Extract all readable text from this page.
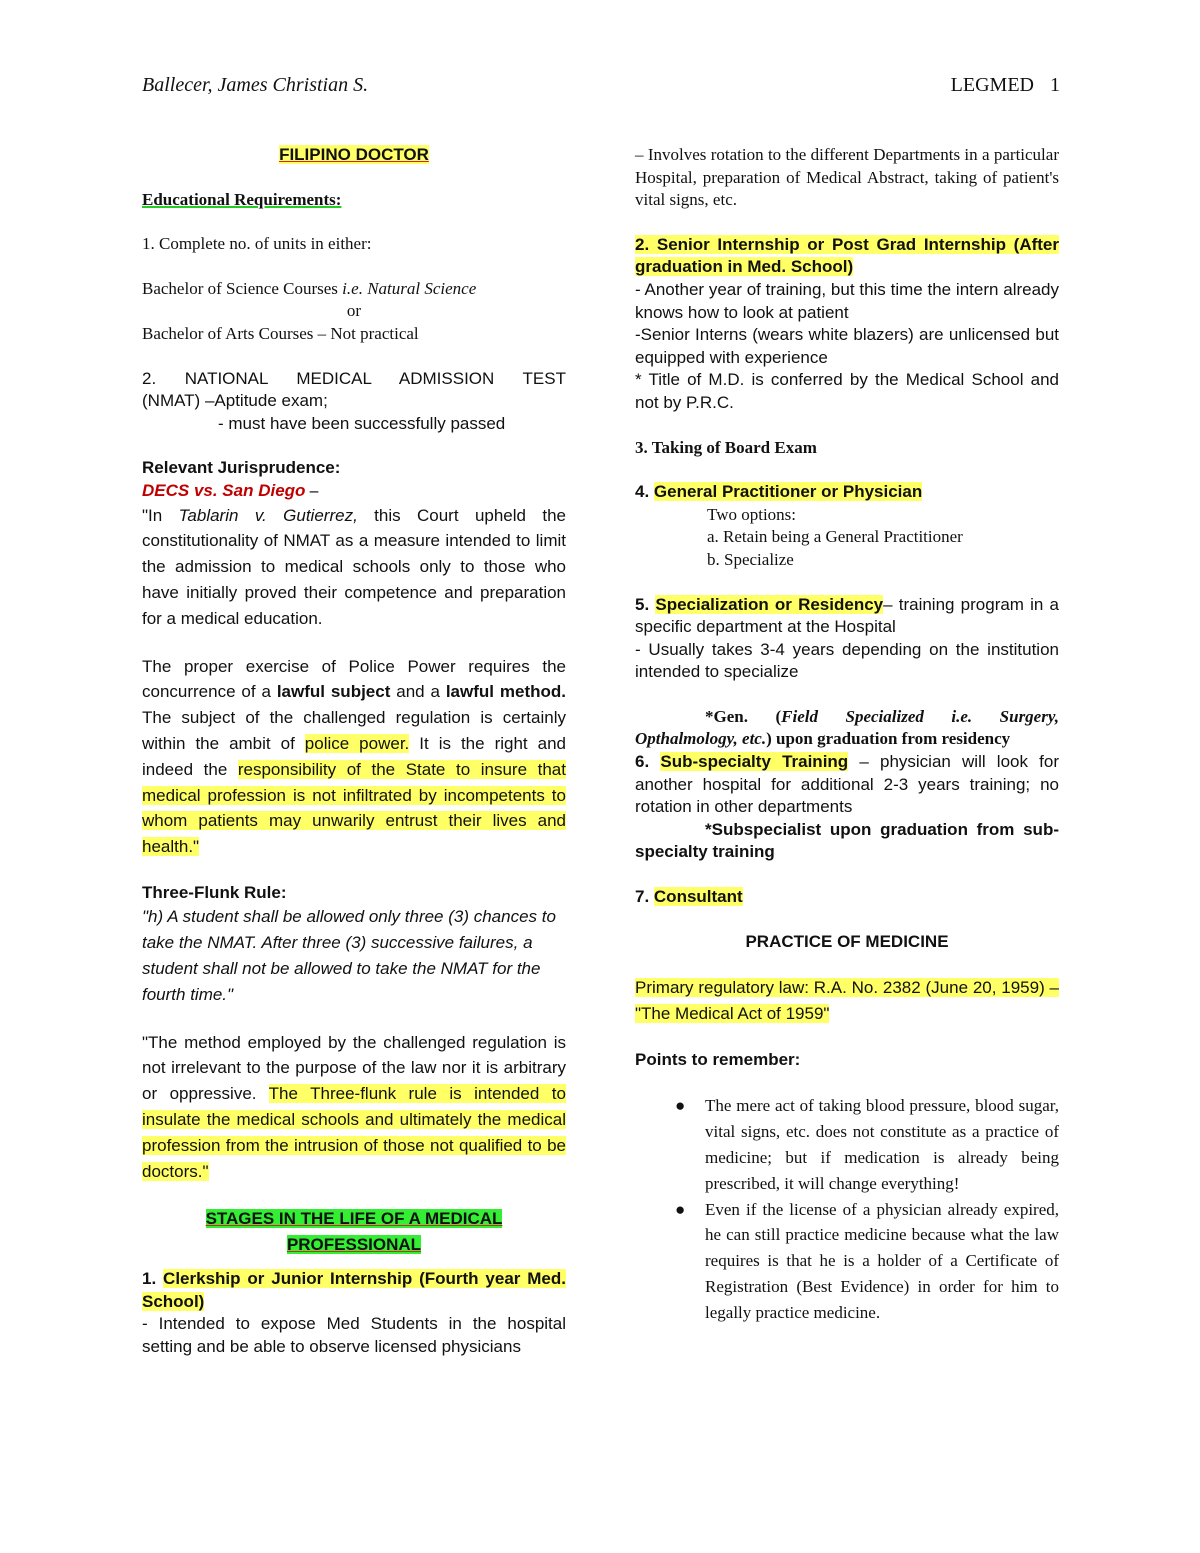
Ballecer, James Christian S.	LEGMED 1
FILIPINO DOCTOR
Educational Requirements:
1. Complete no. of units in either:
Bachelor of Science Courses i.e. Natural Science
or
Bachelor of Arts Courses – Not practical
2. NATIONAL MEDICAL ADMISSION TEST
(NMAT) –Aptitude exam;
- must have been successfully passed
Relevant Jurisprudence:
DECS vs. San Diego –
"In Tablarin v. Gutierrez, this Court upheld the constitutionality of NMAT as a measure intended to limit the admission to medical schools only to those who have initially proved their competence and preparation for a medical education.
The proper exercise of Police Power requires the concurrence of a lawful subject and a lawful method. The subject of the challenged regulation is certainly within the ambit of police power. It is the right and indeed the responsibility of the State to insure that medical profession is not infiltrated by incompetents to whom patients may unwarily entrust their lives and health."
Three-Flunk Rule:
"h) A student shall be allowed only three (3) chances to take the NMAT. After three (3) successive failures, a student shall not be allowed to take the NMAT for the fourth time."
"The method employed by the challenged regulation is not irrelevant to the purpose of the law nor it is arbitrary or oppressive. The Three-flunk rule is intended to insulate the medical schools and ultimately the medical profession from the intrusion of those not qualified to be doctors."
STAGES IN THE LIFE OF A MEDICAL
PROFESSIONAL
1. Clerkship or Junior Internship (Fourth year Med. School)
- Intended to expose Med Students in the hospital setting and be able to observe licensed physicians
– Involves rotation to the different Departments in a particular Hospital, preparation of Medical Abstract, taking of patient's vital signs, etc.
2. Senior Internship or Post Grad Internship (After graduation in Med. School)
- Another year of training, but this time the intern already knows how to look at patient
-Senior Interns (wears white blazers) are unlicensed but equipped with experience
* Title of M.D. is conferred by the Medical School and not by P.R.C.
3. Taking of Board Exam
4. General Practitioner or Physician
Two options:
a. Retain being a General Practitioner
b. Specialize
5. Specialization or Residency– training program in a specific department at the Hospital
- Usually takes 3-4 years depending on the institution intended to specialize
*Gen. (Field Specialized i.e. Surgery, Opthalmology, etc.) upon graduation from residency
6. Sub-specialty Training – physician will look for another hospital for additional 2-3 years training; no rotation in other departments
*Subspecialist upon graduation from sub-specialty training
7. Consultant
PRACTICE OF MEDICINE
Primary regulatory law: R.A. No. 2382 (June 20, 1959) – "The Medical Act of 1959"
Points to remember:
● The mere act of taking blood pressure, blood sugar, vital signs, etc. does not constitute as a practice of medicine; but if medication is already being prescribed, it will change everything!
● Even if the license of a physician already expired, he can still practice medicine because what the law requires is that he is a holder of a Certificate of Registration (Best Evidence) in order for him to legally practice medicine.
